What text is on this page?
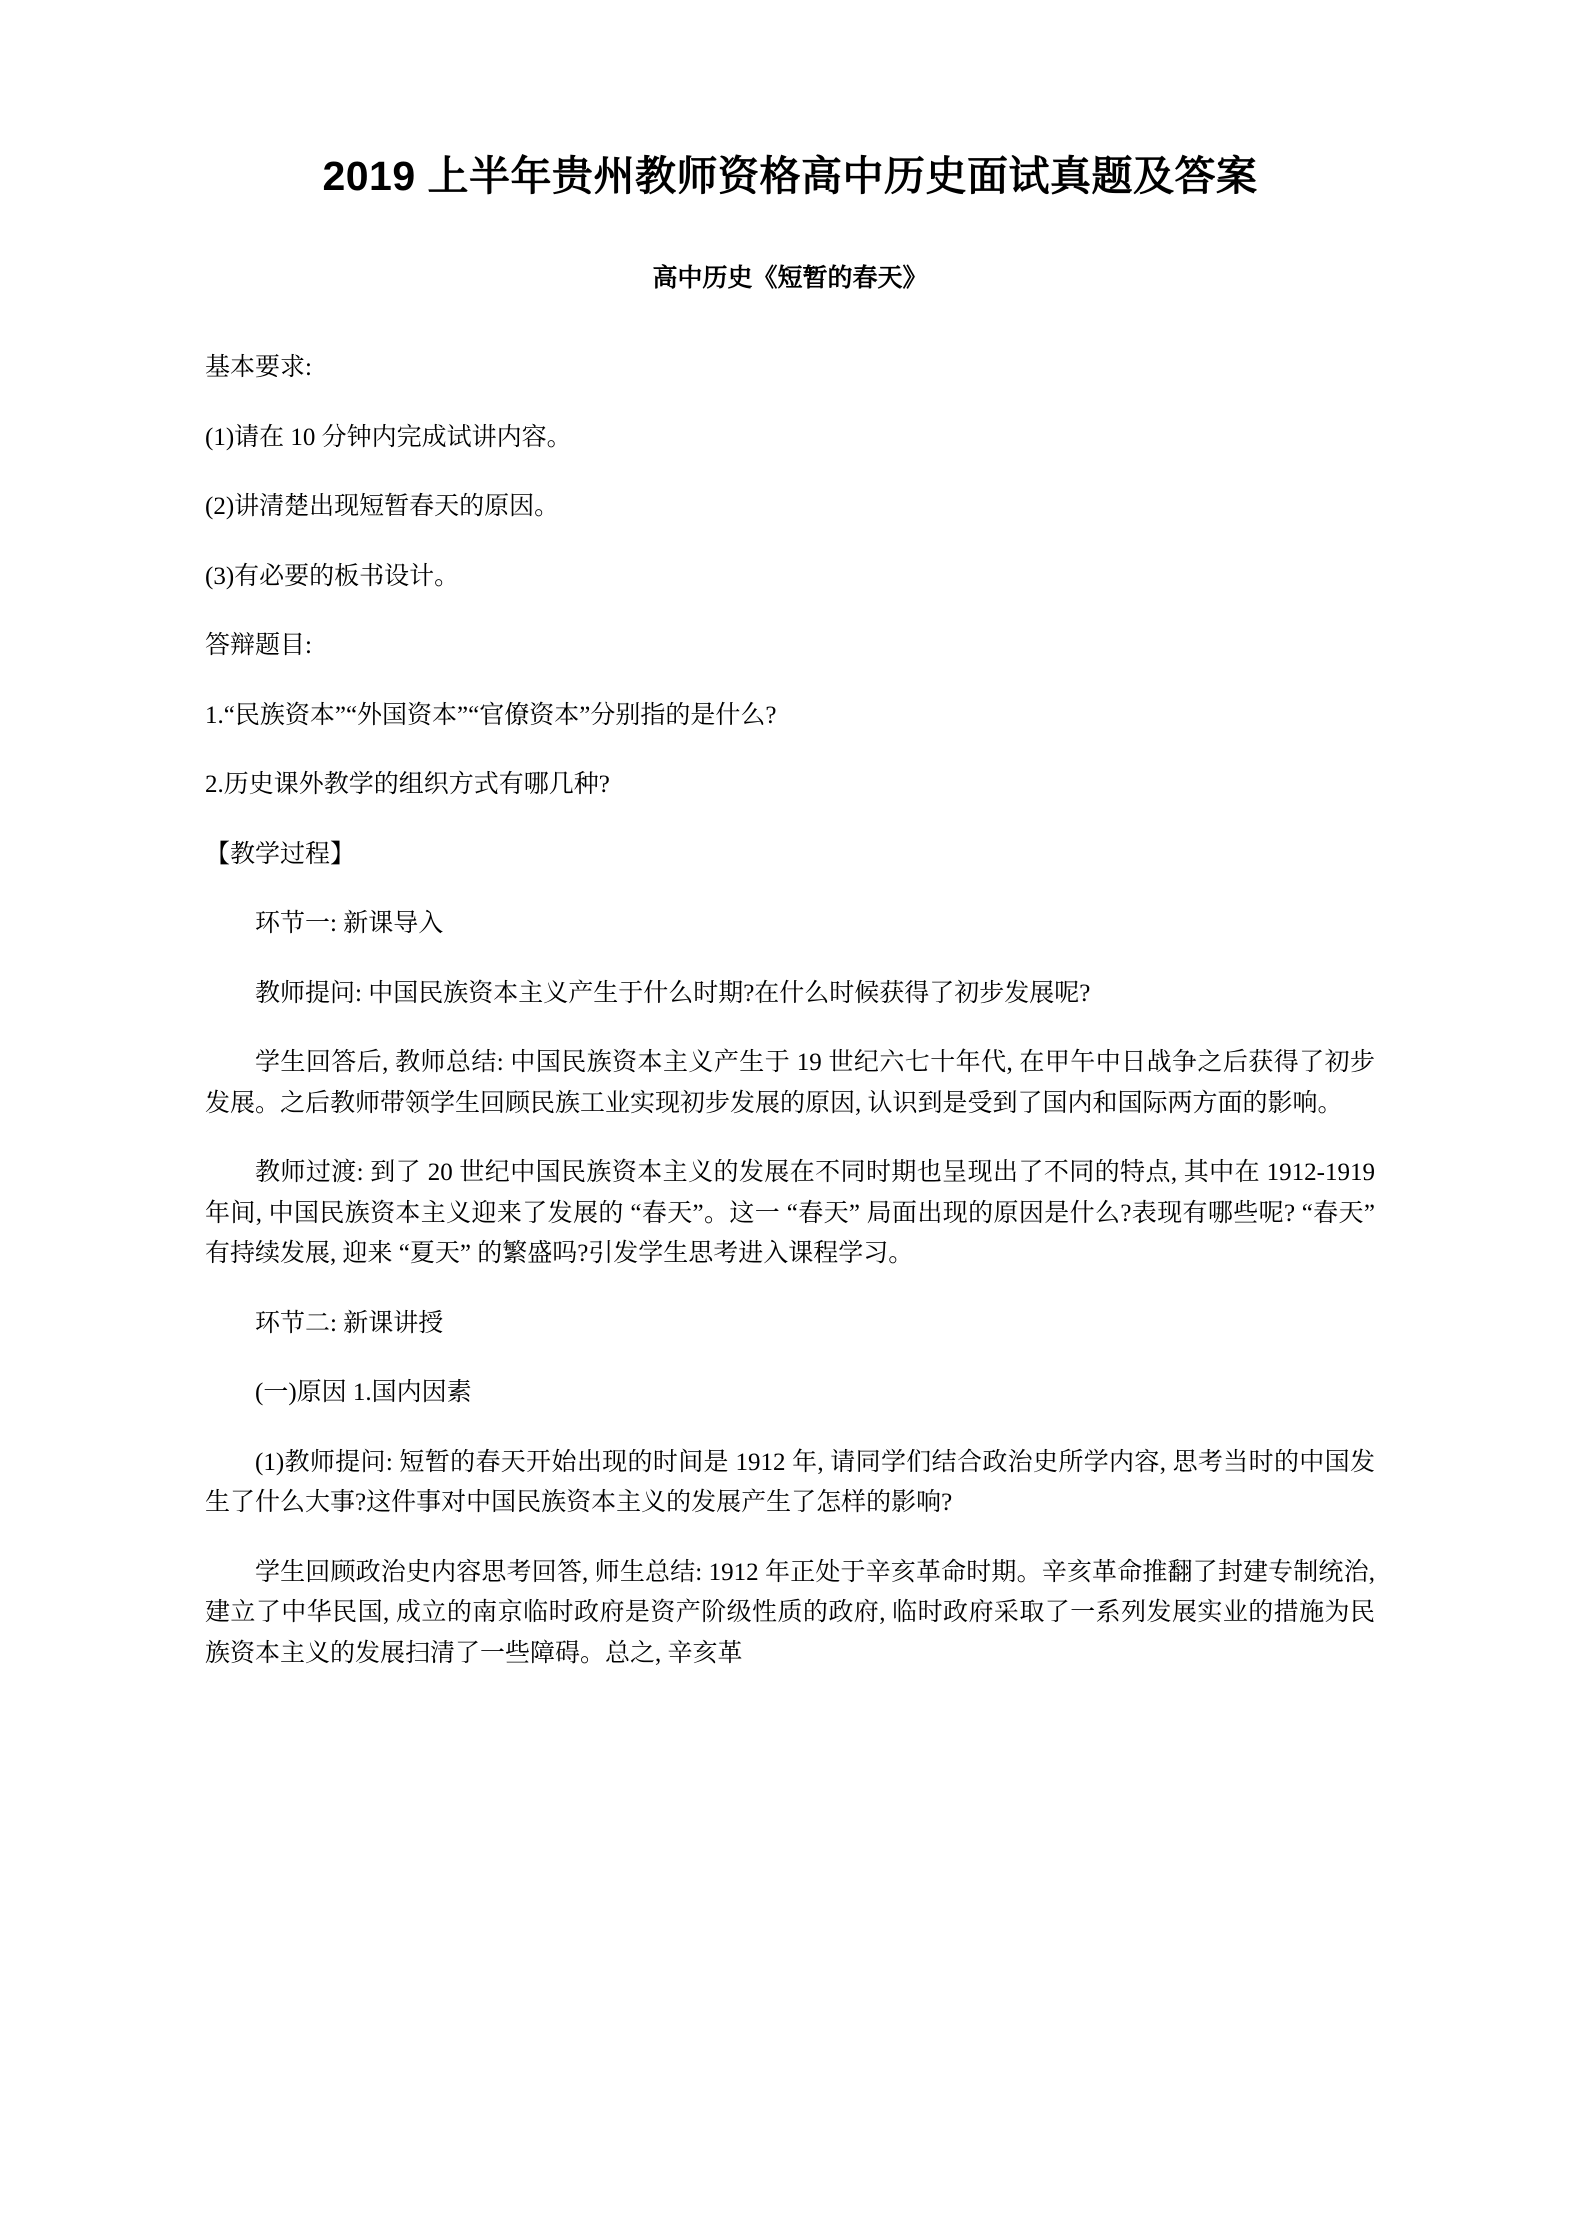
2019 上半年贵州教师资格高中历史面试真题及答案
高中历史《短暂的春天》

基本要求:

(1)请在 10 分钟内完成试讲内容。

(2)讲清楚出现短暂春天的原因。

(3)有必要的板书设计。

答辩题目:

1.“民族资本”“外国资本”“官僚资本”分别指的是什么?

2.历史课外教学的组织方式有哪几种?

【教学过程】

环节一: 新课导入

教师提问: 中国民族资本主义产生于什么时期?在什么时候获得了初步发展呢?

学生回答后, 教师总结: 中国民族资本主义产生于 19 世纪六七十年代, 在甲午中日战争之后获得了初步发展。之后教师带领学生回顾民族工业实现初步发展的原因, 认识到是受到了国内和国际两方面的影响。

教师过渡: 到了 20 世纪中国民族资本主义的发展在不同时期也呈现出了不同的特点, 其中在 1912-1919 年间, 中国民族资本主义迎来了发展的 “春天”。这一 “春天” 局面出现的原因是什么?表现有哪些呢? “春天” 有持续发展, 迎来 “夏天” 的繁盛吗?引发学生思考进入课程学习。

环节二: 新课讲授

(一)原因 1.国内因素

(1)教师提问: 短暂的春天开始出现的时间是 1912 年, 请同学们结合政治史所学内容, 思考当时的中国发生了什么大事?这件事对中国民族资本主义的发展产生了怎样的影响?

学生回顾政治史内容思考回答, 师生总结: 1912 年正处于辛亥革命时期。辛亥革命推翻了封建专制统治, 建立了中华民国, 成立的南京临时政府是资产阶级性质的政府, 临时政府采取了一系列发展实业的措施为民族资本主义的发展扫清了一些障碍。总之, 辛亥革
